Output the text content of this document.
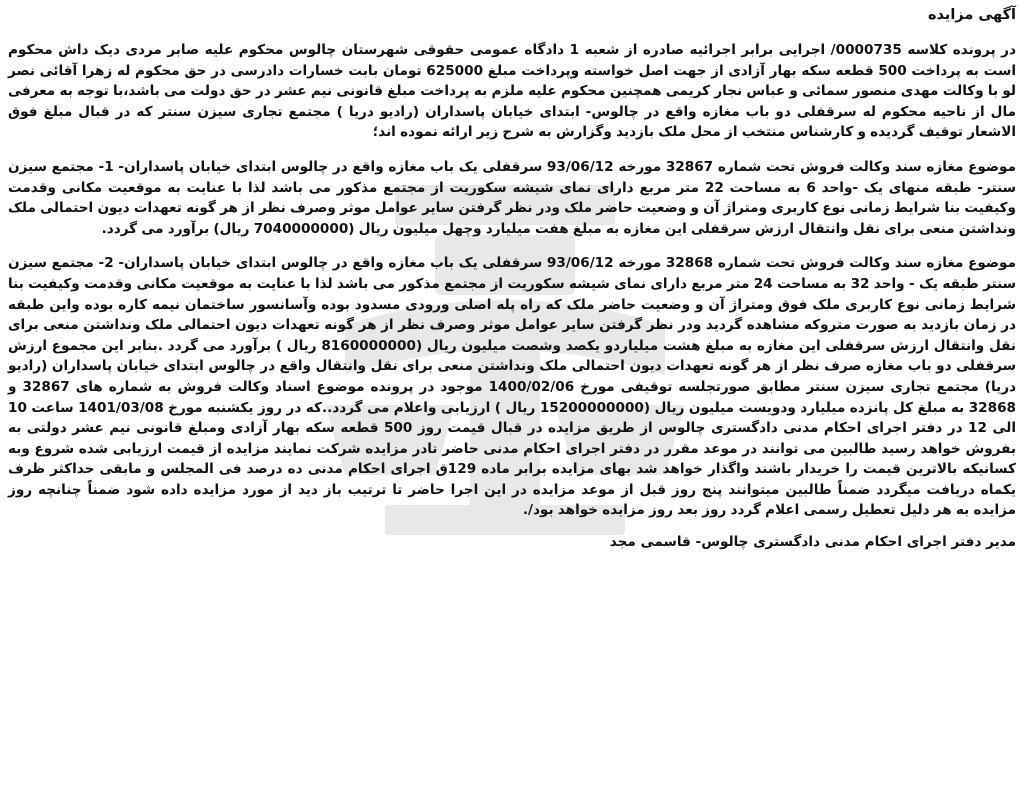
آگهی مزایده

در پرونده کلاسه 0000735/ اجرایی برابر اجرائیه صادره از شعبه 1 دادگاه عمومی حقوقی شهرستان چالوس محکوم علیه صابر مردی دیک داش محکوم است به پرداخت 500 قطعه سکه بهار آزادی از جهت اصل خواسته وپرداخت مبلغ 625000 تومان بابت خسارات دادرسی در حق محکوم له زهرا آقائی نصر لو با وکالت مهدی منصور سمائی و عباس نجار کریمی همچنین محکوم علیه ملزم به پرداخت مبلغ قانونی نیم عشر در حق دولت می باشد،با توجه به معرفی مال از ناحیه محکوم له سرقفلی دو باب مغازه واقع در چالوس- ابتدای خیابان پاسداران (رادیو دریا ) مجتمع تجاری سیزن سنتر که در قبال مبلغ فوق الاشعار توقیف گردیده و کارشناس منتخب از محل ملک بازدید وگزارش به شرح زیر ارائه نموده اند؛

موضوع مغازه سند وکالت فروش تحت شماره 32867 مورخه 93/06/12 سرقفلی یک باب مغازه واقع در چالوس ابتدای خیابان پاسداران- 1- مجتمع سیزن سنتر- طبقه منهای یک -واحد 6 به مساحت 22 متر مربع دارای نمای شیشه سکوریت از مجتمع مذکور می باشد لذا با عنایت به موقعیت مکانی وقدمت وکیفیت بنا شرایط زمانی نوع کاربری ومتراژ آن و وضعیت حاضر ملک ودر نظر گرفتن سایر عوامل موثر وصرف نظر از هر گونه تعهدات دیون احتمالی ملک ونداشتن منعی برای نقل وانتقال ارزش سرقفلی این مغازه به مبلغ هفت میلیارد وچهل میلیون ریال (7040000000 ریال) برآورد می گردد.

موضوع مغازه سند وکالت فروش تحت شماره 32868 مورخه 93/06/12 سرقفلی یک باب مغازه واقع در چالوس ابتدای خیابان پاسداران- 2- مجتمع سیزن سنتر طبقه یک - واحد 32 به مساحت 24 متر مربع دارای نمای شیشه سکوریت از مجتمع مذکور می باشد لذا با عنایت به موقعیت مکانی وقدمت وکیفیت بنا شرایط زمانی نوع کاربری ملک فوق ومتراژ آن و وضعیت حاضر ملک که راه پله اصلی ورودی مسدود بوده وآسانسور ساختمان نیمه کاره بوده واین طبقه در زمان بازدید به صورت متروکه مشاهده گردید ودر نظر گرفتن سایر عوامل موثر وصرف نظر از هر گونه تعهدات دیون احتمالی ملک ونداشتن منعی برای نقل وانتقال ارزش سرقفلی این مغازه به مبلغ هشت میلیاردو یکصد وشصت میلیون ریال (8160000000 ریال ) برآورد می گردد .بنابر این مجموع ارزش سرقفلی دو باب مغازه صرف نظر از هر گونه تعهدات دیون احتمالی ملک ونداشتن منعی برای نقل وانتقال واقع در چالوس ابتدای خیابان پاسداران (رادیو دریا) مجتمع تجاری سیزن سنتر مطابق صورتجلسه توقیفی مورخ 1400/02/06 موجود در پرونده موضوع اسناد وکالت فروش به شماره های 32867 و 32868 به مبلغ کل پانزده میلیارد ودویست میلیون ریال (15200000000 ریال ) ارزیابی واعلام می گردد..که در روز یکشنبه مورخ 1401/03/08 ساعت 10 الی 12 در دفتر اجرای احکام مدنی دادگستری چالوس از طریق مزایده در قبال قیمت روز 500 قطعه سکه بهار آزادی ومبلغ قانونی نیم عشر دولتی به بفروش خواهد رسید طالبین می توانند در موعد مقرر در دفتر اجرای احکام مدنی حاضر تادر مزایده شرکت نمایند مزایده از قیمت ارزیابی شده شروع وبه کسانیکه بالاترین قیمت را خریدار باشند واگذار خواهد شد بهای مزایده برابر ماده 129ق اجرای احکام مدنی ده درصد فی المجلس و مابقی حداکثر ظرف یکماه دریافت میگردد ضمناً طالبین میتوانند پنج روز قبل از موعد مزایده در این اجرا حاضر تا ترتیب باز دید از مورد مزایده داده شود ضمناً چنانچه روز مزایده به هر دلیل تعطیل رسمی اعلام گردد روز بعد روز مزایده خواهد بود/.

مدیر دفتر اجرای احکام مدنی دادگستری چالوس- قاسمی مجد
